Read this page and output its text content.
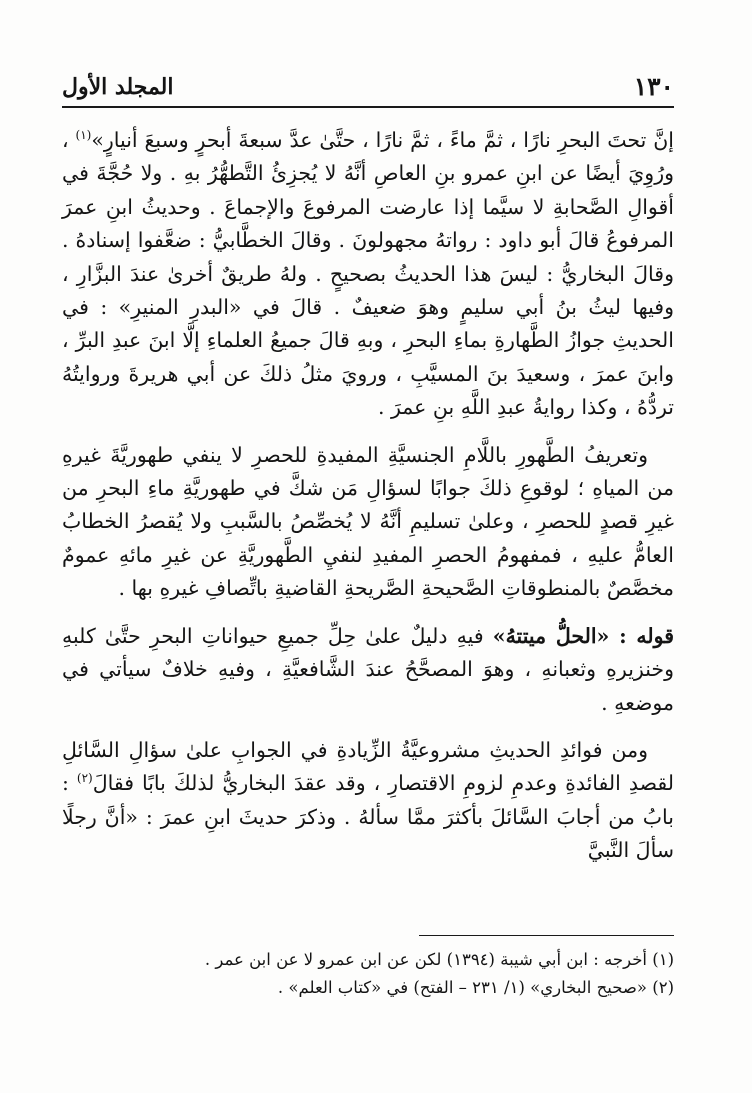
١٣٠
المجلد الأول

إنَّ تحتَ البحرِ نارًا ، ثمَّ ماءً ، ثمَّ نارًا ، حتَّىٰ عدَّ سبعةَ أبحرٍ وسبعَ أنيارٍ»$^{(١)}$ ، ورُوِيَ أيضًا عن ابنِ عمرو بنِ العاصِ أنَّهُ لا يُجزِئُ التَّطهُّرُ بهِ . ولا حُجَّةَ في أقوالِ الصَّحابةِ لا سيَّما إذا عارضت المرفوعَ والإجماعَ . وحديثُ ابنِ عمرَ المرفوعُ قالَ أبو داود : رواتهُ مجهولونَ . وقالَ الخطَّابيُّ : ضعَّفوا إسنادهُ . وقالَ البخاريُّ : ليسَ هذا الحديثُ بصحيحٍ . ولهُ طريقٌ أخرىٰ عندَ البزَّارِ ، وفيها ليثُ بنُ أبي سليمٍ وهوَ ضعيفٌ . قالَ في «البدرِ المنيرِ» : في الحديثِ جوازُ الطَّهارةِ بماءِ البحرِ ، وبهِ قالَ جميعُ العلماءِ إلَّا ابنَ عبدِ البرِّ ، وابنَ عمرَ ، وسعيدَ بنَ المسيَّبِ ، ورويَ مثلُ ذلكَ عن أبي هريرةَ وروايتُهُ تردُّهُ ، وكذا روايةُ عبدِ اللَّهِ بنِ عمرَ .

وتعريفُ الطَّهورِ باللَّامِ الجنسيَّةِ المفيدةِ للحصرِ لا ينفي طهوريَّةَ غيرهِ من المياهِ ؛ لوقوعِ ذلكَ جوابًا لسؤالِ مَن شكَّ في طهوريَّةِ ماءِ البحرِ من غيرِ قصدٍ للحصرِ ، وعلىٰ تسليمِ أنَّهُ لا يُخصِّصُ بالسَّببِ ولا يُقصرُ الخطابُ العامُّ عليهِ ، فمفهومُ الحصرِ المفيدِ لنفيِ الطَّهوريَّةِ عن غيرِ مائهِ عمومٌ مخصَّصٌ بالمنطوقاتِ الصَّحيحةِ الصَّريحةِ القاضيةِ باتِّصافِ غيرهِ بها .

قوله : «الحلُّ ميتتهُ» فيهِ دليلٌ علىٰ حِلِّ جميعِ حيواناتِ البحرِ حتَّىٰ كلبهِ وخنزيرهِ وثعبانهِ ، وهوَ المصحَّحُ عندَ الشَّافعيَّةِ ، وفيهِ خلافٌ سيأتي في موضعهِ .

ومن فوائدِ الحديثِ مشروعيَّةُ الزِّيادةِ في الجوابِ علىٰ سؤالِ السَّائلِ لقصدِ الفائدةِ وعدمِ لزومِ الاقتصارِ ، وقد عقدَ البخاريُّ لذلكَ بابًا فقالَ$^{(٢)}$ : بابُ من أجابَ السَّائلَ بأكثرَ ممَّا سألهُ . وذكرَ حديثَ ابنِ عمرَ : «أنَّ رجلًا سألَ النَّبيَّ

(١) أخرجه : ابن أبي شيبة (١٣٩٤) لكن عن ابن عمرو لا عن ابن عمر .
(٢) «صحيح البخاري» (١/ ٢٣١ – الفتح) في «كتاب العلم» .
